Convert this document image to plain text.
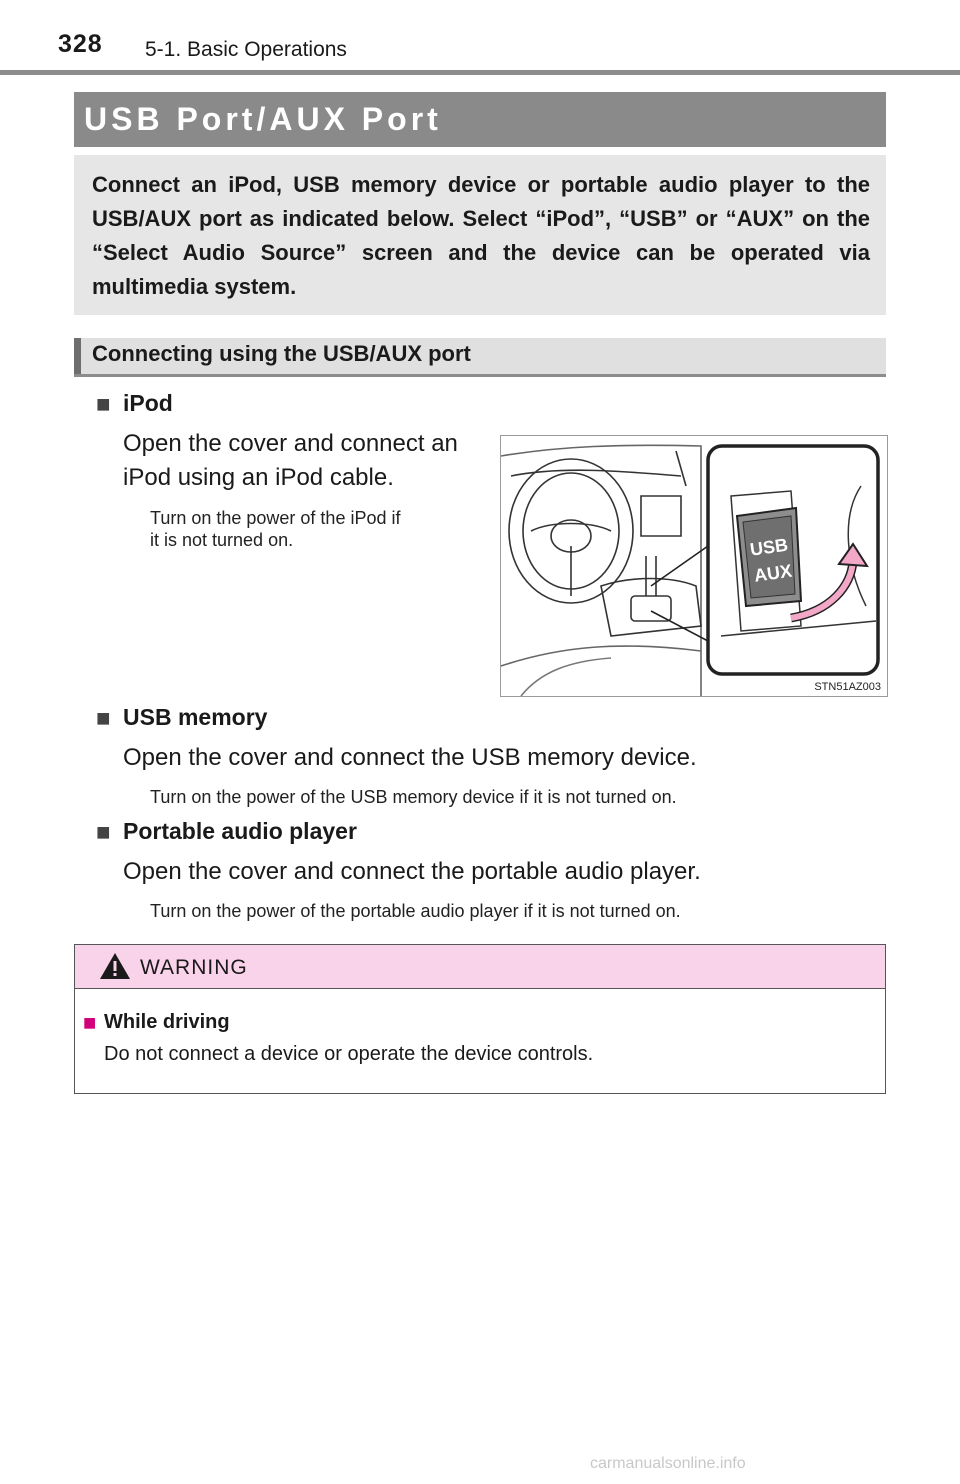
328 5-1. Basic Operations
USB Port/AUX Port
Connect an iPod, USB memory device or portable audio player to the USB/AUX port as indicated below. Select “iPod”, “USB” or “AUX” on the “Select Audio Source” screen and the device can be operated via multimedia system.
Connecting using the USB/AUX port
■ iPod
Open the cover and connect an
iPod using an iPod cable.
Turn on the power of the iPod if
it is not turned on.	USB
AUX
STN51AZ003
■ USB memory
Open the cover and connect the USB memory device.
Turn on the power of the USB memory device if it is not turned on.
■ Portable audio player
Open the cover and connect the portable audio player.
Turn on the power of the portable audio player if it is not turned on.
WARNING
■ While driving
Do not connect a device or operate the device controls.
carmanualsonline.info
